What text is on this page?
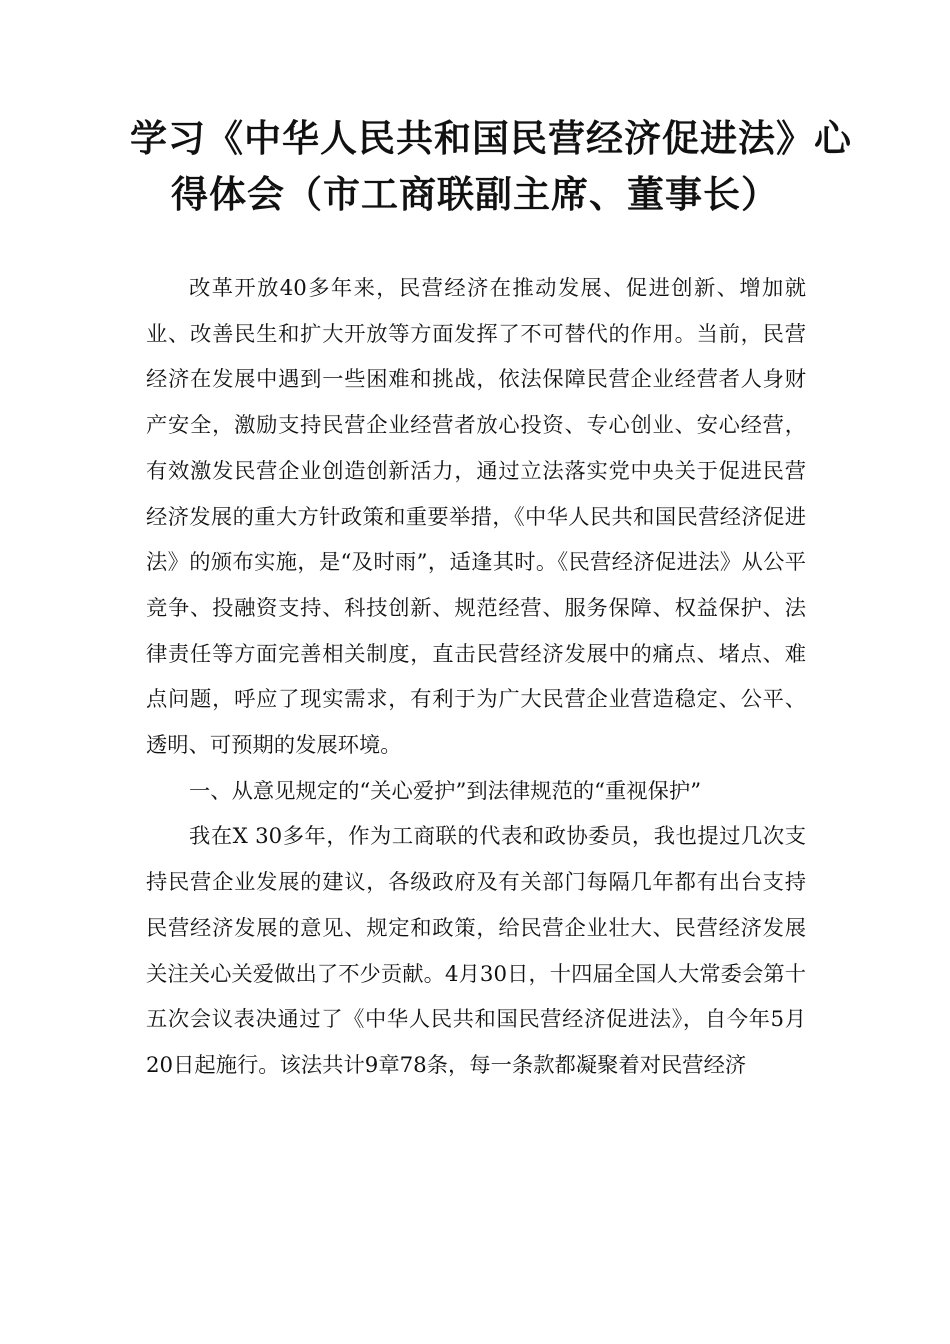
学习《中华人民共和国民营经济促进法》心
得体会（市工商联副主席、董事长）

改革开放40多年来，民营经济在推动发展、促进创新、增加就业、改善民生和扩大开放等方面发挥了不可替代的作用。当前，民营经济在发展中遇到一些困难和挑战，依法保障民营企业经营者人身财产安全，激励支持民营企业经营者放心投资、专心创业、安心经营，有效激发民营企业创造创新活力，通过立法落实党中央关于促进民营经济发展的重大方针政策和重要举措，《中华人民共和国民营经济促进法》的颁布实施，是“及时雨”，适逢其时。《民营经济促进法》从公平竞争、投融资支持、科技创新、规范经营、服务保障、权益保护、法律责任等方面完善相关制度，直击民营经济发展中的痛点、堵点、难点问题，呼应了现实需求，有利于为广大民营企业营造稳定、公平、透明、可预期的发展环境。

一、从意见规定的“关心爱护”到法律规范的“重视保护”

我在X 30多年，作为工商联的代表和政协委员，我也提过几次支持民营企业发展的建议，各级政府及有关部门每隔几年都有出台支持民营经济发展的意见、规定和政策，给民营企业壮大、民营经济发展关注关心关爱做出了不少贡献。4月30日，十四届全国人大常委会第十五次会议表决通过了《中华人民共和国民营经济促进法》，自今年5月20日起施行。该法共计9章78条，每一条款都凝聚着对民营经济
